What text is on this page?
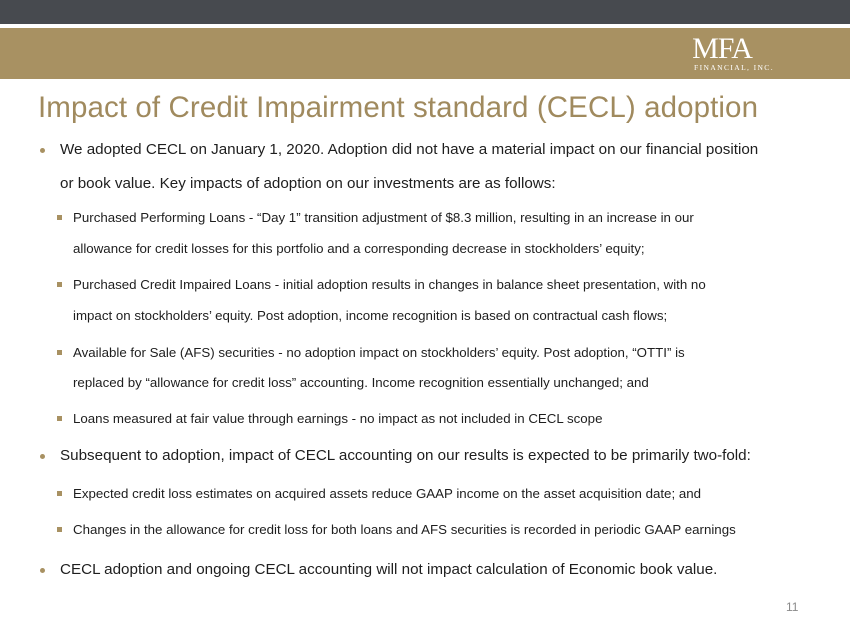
MFA
FINANCIAL, INC.
Impact of Credit Impairment standard (CECL) adoption
We adopted CECL on January 1, 2020. Adoption did not have a material impact on our financial position
or book value. Key impacts of adoption on our investments are as follows:
Purchased Performing Loans - “Day 1” transition adjustment of $8.3 million, resulting in an increase in our
allowance for credit losses for this portfolio and a corresponding decrease in stockholders’ equity;
Purchased Credit Impaired Loans - initial adoption results in changes in balance sheet presentation, with no
impact on stockholders’ equity. Post adoption, income recognition is based on contractual cash flows;
Available for Sale (AFS) securities - no adoption impact on stockholders’ equity. Post adoption, “OTTI” is
replaced by “allowance for credit loss” accounting. Income recognition essentially unchanged; and
Loans measured at fair value through earnings - no impact as not included in CECL scope
Subsequent to adoption, impact of CECL accounting on our results is expected to be primarily two-fold:
Expected credit loss estimates on acquired assets reduce GAAP income on the asset acquisition date; and
Changes in the allowance for credit loss for both loans and AFS securities is recorded in periodic GAAP earnings
CECL adoption and ongoing CECL accounting will not impact calculation of Economic book value.
11
